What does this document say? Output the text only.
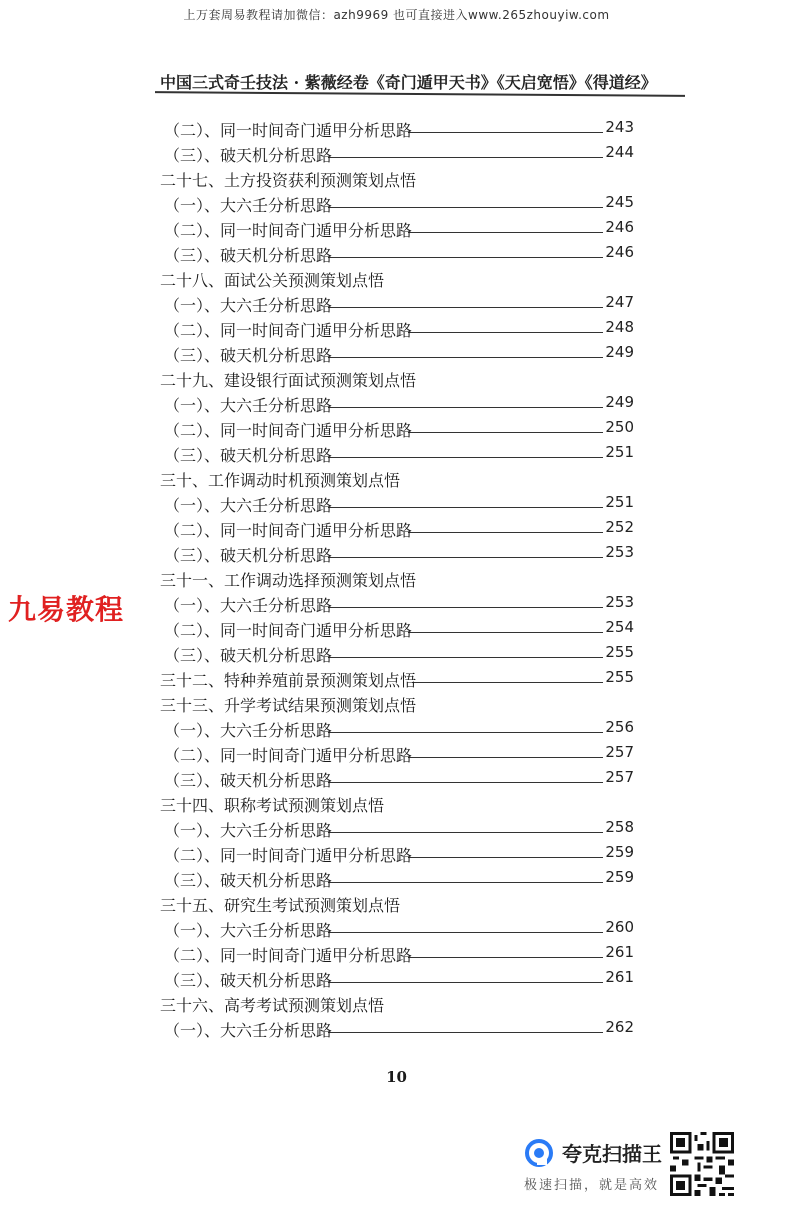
上万套周易教程请加微信：azh9969 也可直接进入www.265zhouyiw.com
中国三式奇壬技法 · 紫薇经卷《奇门遁甲天书》《天启宽悟》《得道经》
（二）、同一时间奇门遁甲分析思路	243
（三）、破天机分析思路	244
二十七、土方投资获利预测策划点悟
（一）、大六壬分析思路	245
（二）、同一时间奇门遁甲分析思路	246
（三）、破天机分析思路	246
二十八、面试公关预测策划点悟
（一）、大六壬分析思路	247
（二）、同一时间奇门遁甲分析思路	248
（三）、破天机分析思路	249
二十九、建设银行面试预测策划点悟
（一）、大六壬分析思路	249
（二）、同一时间奇门遁甲分析思路	250
（三）、破天机分析思路	251
三十、工作调动时机预测策划点悟
（一）、大六壬分析思路	251
（二）、同一时间奇门遁甲分析思路	252
（三）、破天机分析思路	253
三十一、工作调动选择预测策划点悟
（一）、大六壬分析思路	253
（二）、同一时间奇门遁甲分析思路	254
（三）、破天机分析思路	255
三十二、特种养殖前景预测策划点悟	255
三十三、升学考试结果预测策划点悟
（一）、大六壬分析思路	256
（二）、同一时间奇门遁甲分析思路	257
（三）、破天机分析思路	257
三十四、职称考试预测策划点悟
（一）、大六壬分析思路	258
（二）、同一时间奇门遁甲分析思路	259
（三）、破天机分析思路	259
三十五、研究生考试预测策划点悟
（一）、大六壬分析思路	260
（二）、同一时间奇门遁甲分析思路	261
（三）、破天机分析思路	261
三十六、高考考试预测策划点悟
（一）、大六壬分析思路	262
九易教程
10
夸克扫描王
极速扫描，就是高效
